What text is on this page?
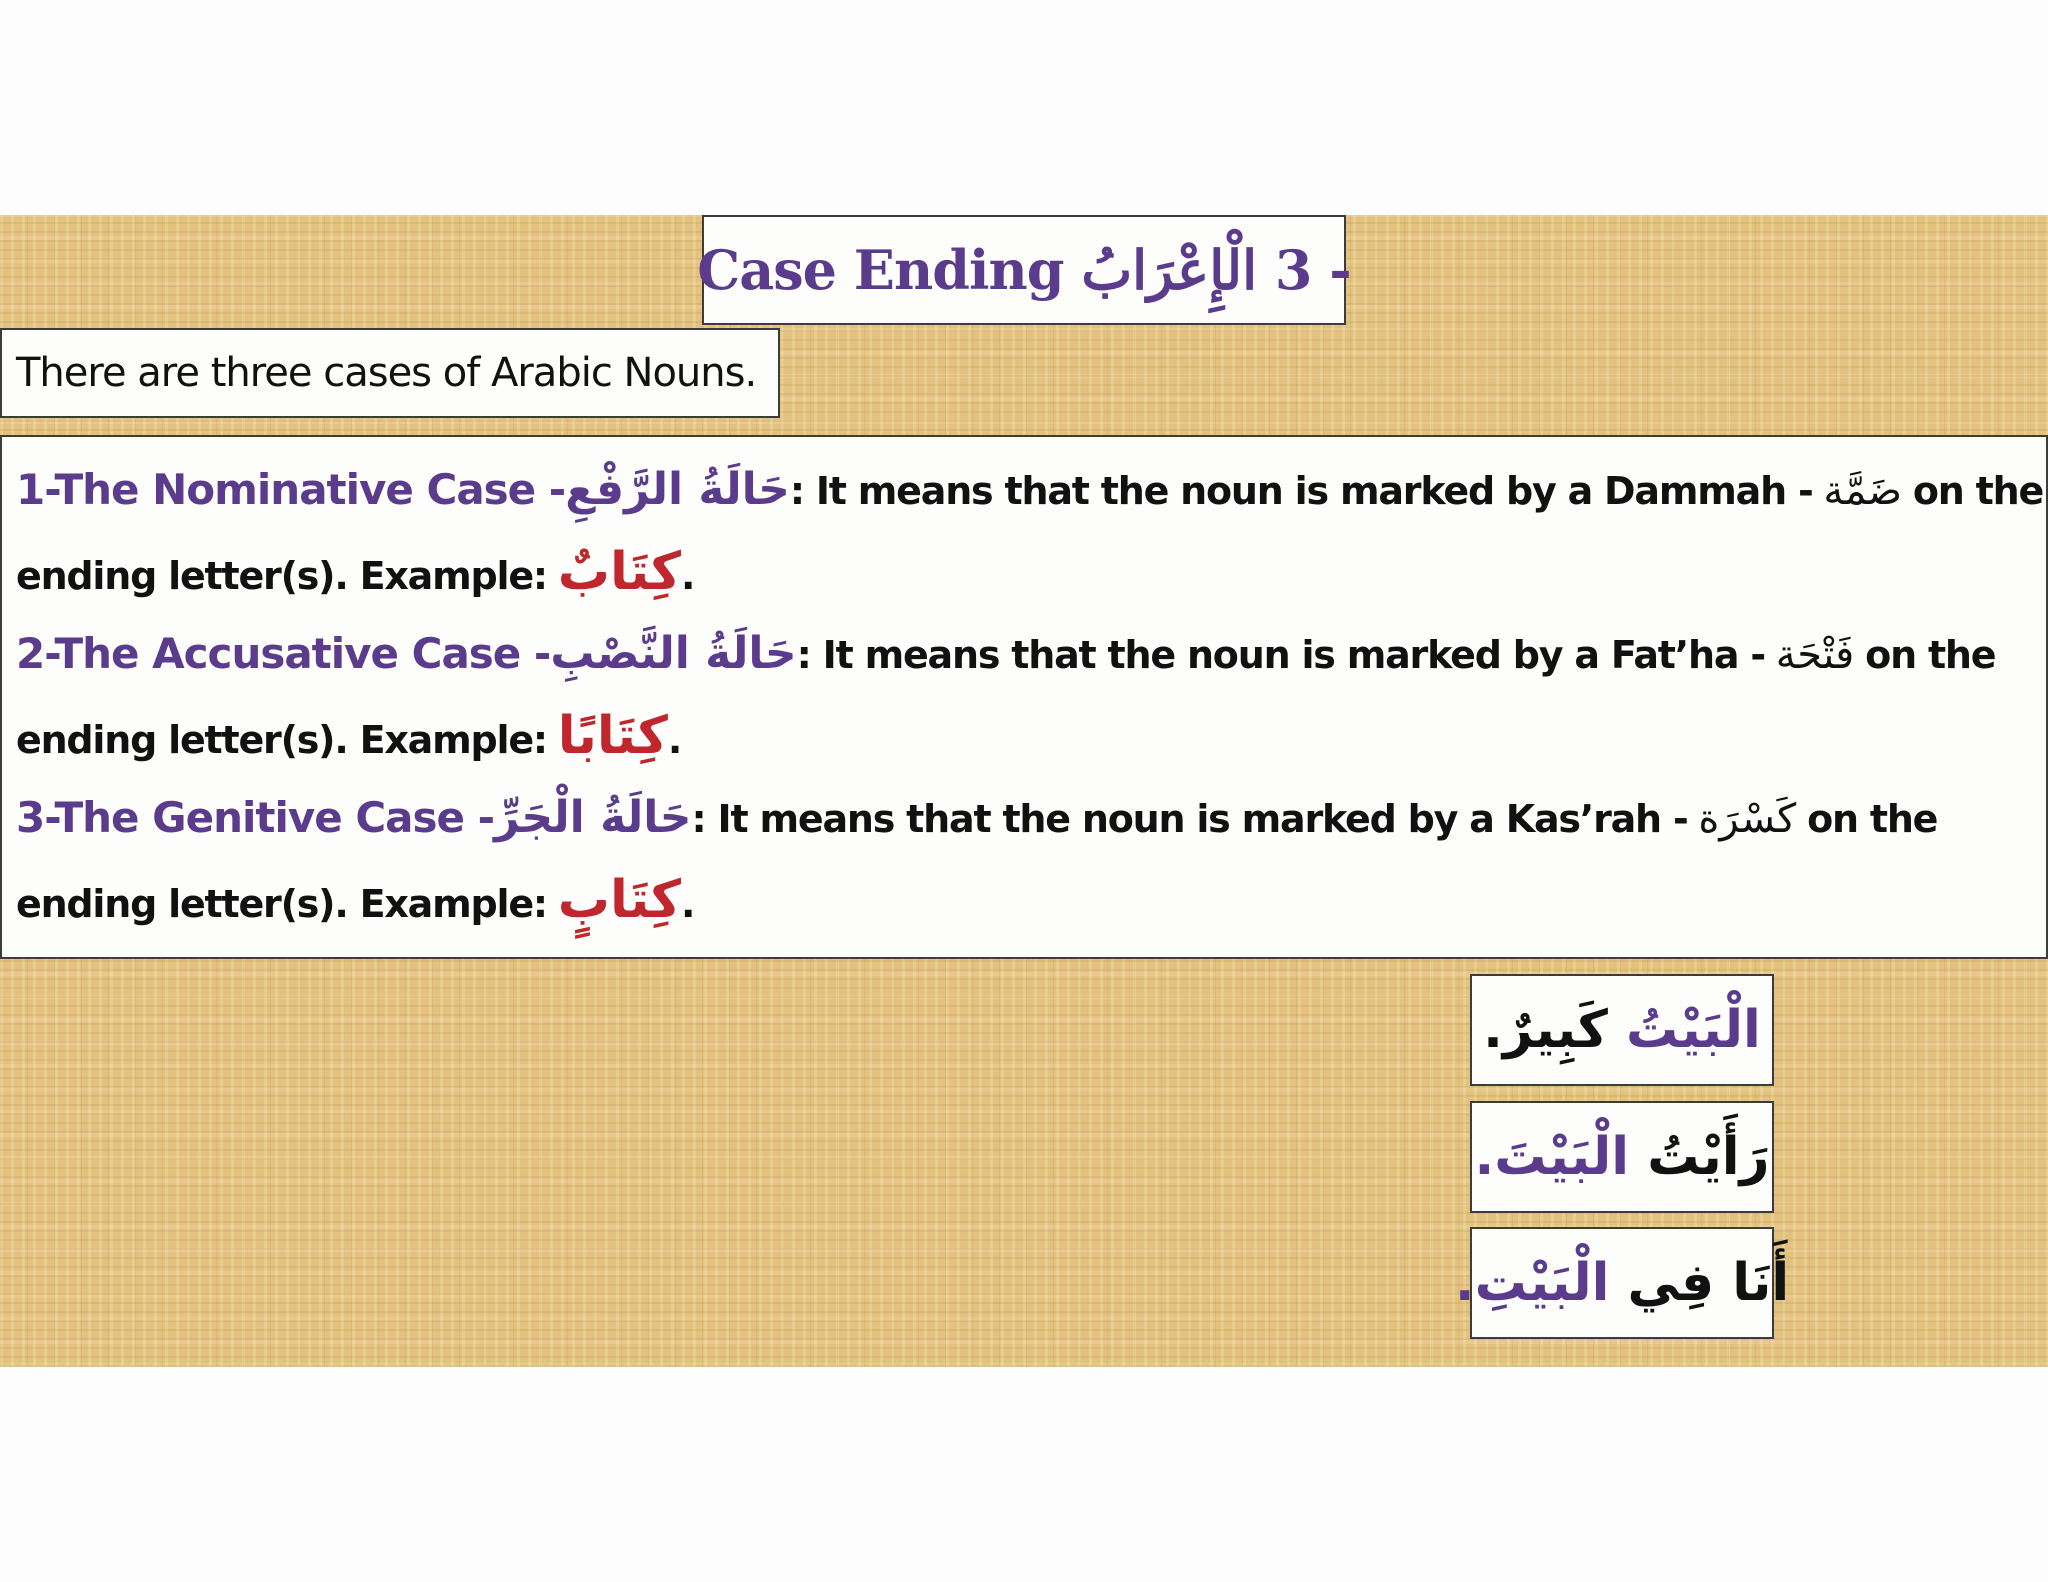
Case Ending الْإِعْرَابُ 3 -
There are three cases of Arabic Nouns.
1-The Nominative Case -حَالَةُ الرَّفْعِ: It means that the noun is marked by a Dammah - ضَمَّة on the
ending letter(s). Example: كِتَابٌ.
2-The Accusative Case -حَالَةُ النَّصْبِ: It means that the noun is marked by a Fat’ha - فَتْحَة on the
ending letter(s). Example: كِتَابًا.
3-The Genitive Case -حَالَةُ الْجَرِّ: It means that the noun is marked by a Kas’rah - كَسْرَة on the
ending letter(s). Example: كِتَابٍ.
الْبَيْتُ كَبِيرٌ.
رَأَيْتُ الْبَيْتَ.
أَنَا فِي الْبَيْتِ.
